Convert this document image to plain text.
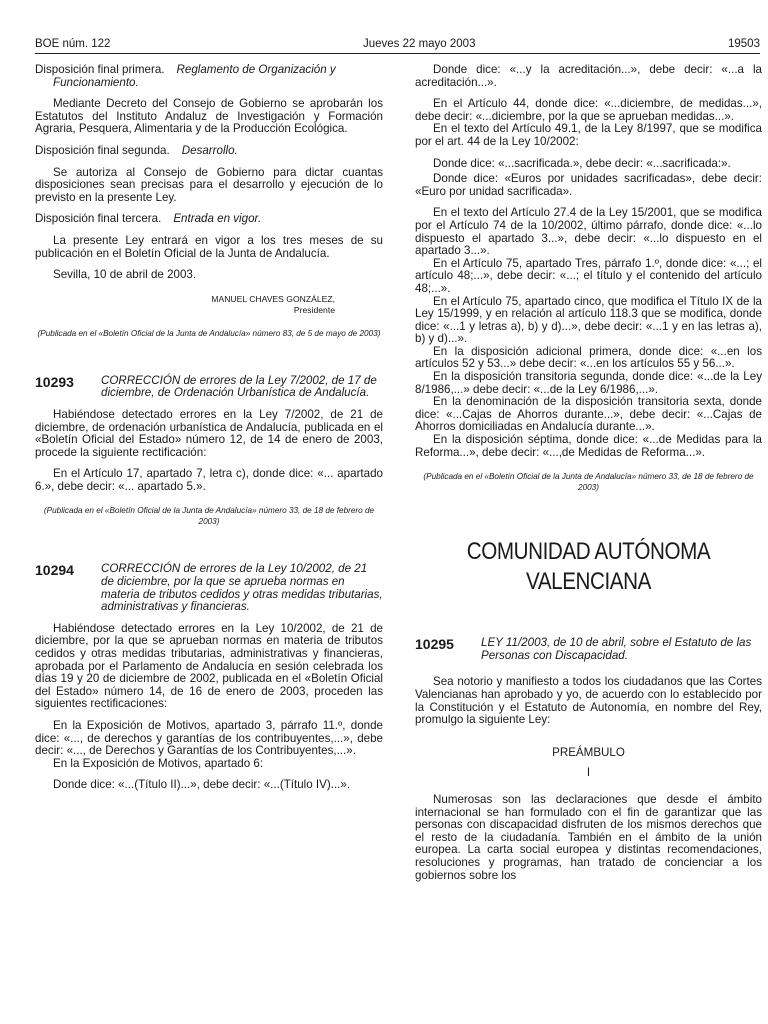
BOE núm. 122	Jueves 22 mayo 2003	19503

Disposición final primera. Reglamento de Organización y Funcionamiento.

Mediante Decreto del Consejo de Gobierno se aprobarán los Estatutos del Instituto Andaluz de Investigación y Formación Agraria, Pesquera, Alimentaria y de la Producción Ecológica.

Disposición final segunda. Desarrollo.

Se autoriza al Consejo de Gobierno para dictar cuantas disposiciones sean precisas para el desarrollo y ejecución de lo previsto en la presente Ley.

Disposición final tercera. Entrada en vigor.

La presente Ley entrará en vigor a los tres meses de su publicación en el Boletín Oficial de la Junta de Andalucía.

Sevilla, 10 de abril de 2003.

MANUEL CHAVES GONZÁLEZ,
Presidente

(Publicada en el «Boletín Oficial de la Junta de Andalucía» número 83, de 5 de mayo de 2003)

10293	CORRECCIÓN de errores de la Ley 7/2002, de 17 de diciembre, de Ordenación Urbanística de Andalucía.

Habiéndose detectado errores en la Ley 7/2002, de 21 de diciembre, de ordenación urbanística de Andalucía, publicada en el «Boletín Oficial del Estado» número 12, de 14 de enero de 2003, procede la siguiente rectificación:

En el Artículo 17, apartado 7, letra c), donde dice: «... apartado 6.», debe decir: «... apartado 5.».

(Publicada en el «Boletín Oficial de la Junta de Andalucía» número 33, de 18 de febrero de 2003)

10294	CORRECCIÓN de errores de la Ley 10/2002, de 21 de diciembre, por la que se aprueba normas en materia de tributos cedidos y otras medidas tributarias, administrativas y financieras.

Habiéndose detectado errores en la Ley 10/2002, de 21 de diciembre, por la que se aprueban normas en materia de tributos cedidos y otras medidas tributarias, administrativas y financieras, aprobada por el Parlamento de Andalucía en sesión celebrada los días 19 y 20 de diciembre de 2002, publicada en el «Boletín Oficial del Estado» número 14, de 16 de enero de 2003, proceden las siguientes rectificaciones:

En la Exposición de Motivos, apartado 3, párrafo 11.º, donde dice: «..., de derechos y garantías de los contribuyentes,...», debe decir: «..., de Derechos y Garantías de los Contribuyentes,...».

En la Exposición de Motivos, apartado 6:

Donde dice: «...(Título II)...», debe decir: «...(Título IV)...».

Donde dice: «...y la acreditación...», debe decir: «...a la acreditación...».

En el Artículo 44, donde dice: «...diciembre, de medidas...», debe decir: «...diciembre, por la que se aprueban medidas...».

En el texto del Artículo 49.1, de la Ley 8/1997, que se modifica por el art. 44 de la Ley 10/2002:

Donde dice: «...sacrificada.», debe decir: «...sacrificada:».

Donde dice: «Euros por unidades sacrificadas», debe decir: «Euro por unidad sacrificada».

En el texto del Artículo 27.4 de la Ley 15/2001, que se modifica por el Artículo 74 de la 10/2002, último párrafo, donde dice: «...lo dispuesto el apartado 3...», debe decir: «...lo dispuesto en el apartado 3...».

En el Artículo 75, apartado Tres, párrafo 1.º, donde dice: «...; el artículo 48;...», debe decir: «...; el título y el contenido del artículo 48;...».

En el Artículo 75, apartado cinco, que modifica el Título IX de la Ley 15/1999, y en relación al artículo 118.3 que se modifica, donde dice: «...1 y letras a), b) y d)...», debe decir: «...1 y en las letras a), b) y d)...».

En la disposición adicional primera, donde dice: «...en los artículos 52 y 53...» debe decir: «...en los artículos 55 y 56...».

En la disposición transitoria segunda, donde dice: «...de la Ley 8/1986,...» debe decir: «...de la Ley 6/1986,...».

En la denominación de la disposición transitoria sexta, donde dice: «...Cajas de Ahorros durante...», debe decir: «...Cajas de Ahorros domiciliadas en Andalucía durante...».

En la disposición séptima, donde dice: «...de Medidas para la Reforma...», debe decir: «...,de Medidas de Reforma...».

(Publicada en el «Boletín Oficial de la Junta de Andalucía» número 33, de 18 de febrero de 2003)

COMUNIDAD AUTÓNOMA
VALENCIANA
10295	LEY 11/2003, de 10 de abril, sobre el Estatuto de las Personas con Discapacidad.

Sea notorio y manifiesto a todos los ciudadanos que las Cortes Valencianas han aprobado y yo, de acuerdo con lo establecido por la Constitución y el Estatuto de Autonomía, en nombre del Rey, promulgo la siguiente Ley:

PREÁMBULO

I

Numerosas son las declaraciones que desde el ámbito internacional se han formulado con el fin de garantizar que las personas con discapacidad disfruten de los mismos derechos que el resto de la ciudadanía. También en el ámbito de la unión europea. La carta social europea y distintas recomendaciones, resoluciones y programas, han tratado de concienciar a los gobiernos sobre los
